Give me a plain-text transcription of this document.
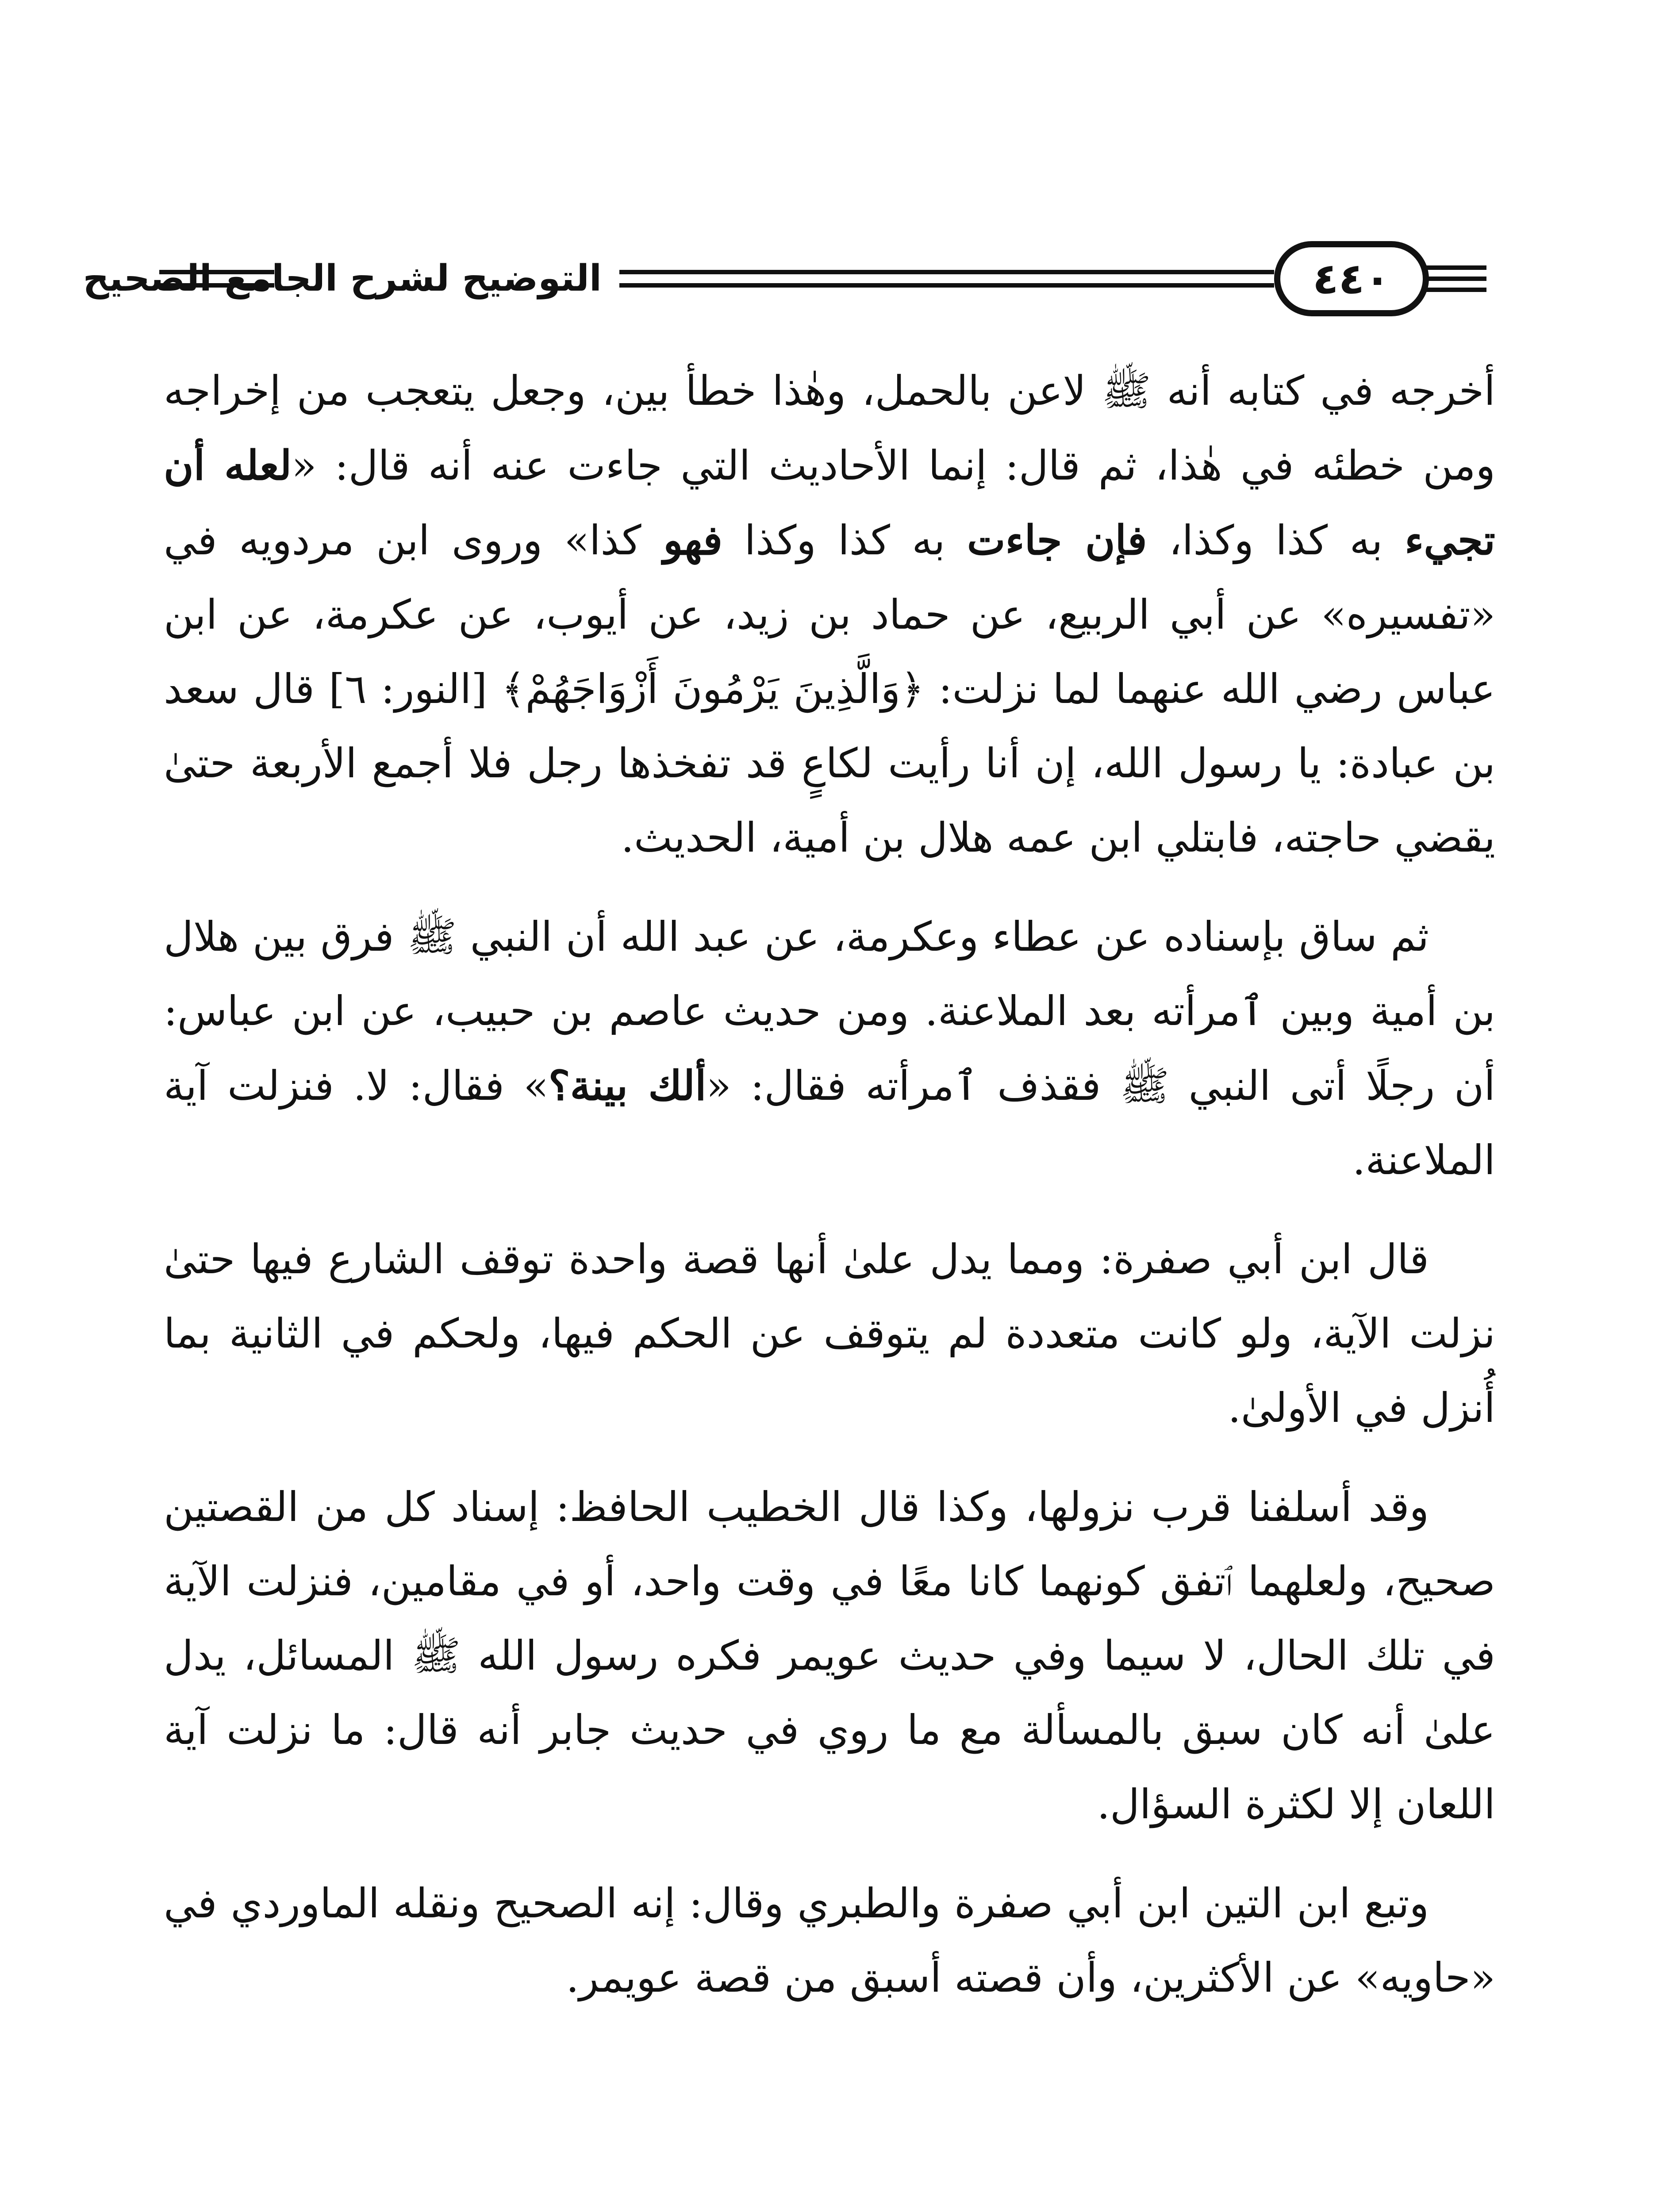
التوضيح لشرح الجامع الصحيح	٤٤٠

أخرجه في كتابه أنه ﷺ لاعن بالحمل، وهٰذا خطأ بين، وجعل يتعجب من إخراجه ومن خطئه في هٰذا، ثم قال: إنما الأحاديث التي جاءت عنه أنه قال: «لعله أن تجيء به كذا وكذا، فإن جاءت به كذا وكذا فهو كذا» وروى ابن مردويه في «تفسيره» عن أبي الربيع، عن حماد بن زيد، عن أيوب، عن عكرمة، عن ابن عباس رضي الله عنهما لما نزلت: ﴿وَالَّذِينَ يَرْمُونَ أَزْوَاجَهُمْ﴾ [النور: ٦] قال سعد بن عبادة: يا رسول الله، إن أنا رأيت لكاعٍ قد تفخذها رجل فلا أجمع الأربعة حتىٰ يقضي حاجته، فابتلي ابن عمه هلال بن أمية، الحديث.

ثم ساق بإسناده عن عطاء وعكرمة، عن عبد الله أن النبي ﷺ فرق بين هلال بن أمية وبين ٱمرأته بعد الملاعنة. ومن حديث عاصم بن حبيب، عن ابن عباس: أن رجلًا أتى النبي ﷺ فقذف ٱمرأته فقال: «ألك بينة؟» فقال: لا. فنزلت آية الملاعنة.

قال ابن أبي صفرة: ومما يدل علىٰ أنها قصة واحدة توقف الشارع فيها حتىٰ نزلت الآية، ولو كانت متعددة لم يتوقف عن الحكم فيها، ولحكم في الثانية بما أُنزل في الأولىٰ.

وقد أسلفنا قرب نزولها، وكذا قال الخطيب الحافظ: إسناد كل من القصتين صحيح، ولعلهما ٱتفق كونهما كانا معًا في وقت واحد، أو في مقامين، فنزلت الآية في تلك الحال، لا سيما وفي حديث عويمر فكره رسول الله ﷺ المسائل، يدل علىٰ أنه كان سبق بالمسألة مع ما روي في حديث جابر أنه قال: ما نزلت آية اللعان إلا لكثرة السؤال.

وتبع ابن التين ابن أبي صفرة والطبري وقال: إنه الصحيح ونقله الماوردي في «حاويه» عن الأكثرين، وأن قصته أسبق من قصة عويمر.
